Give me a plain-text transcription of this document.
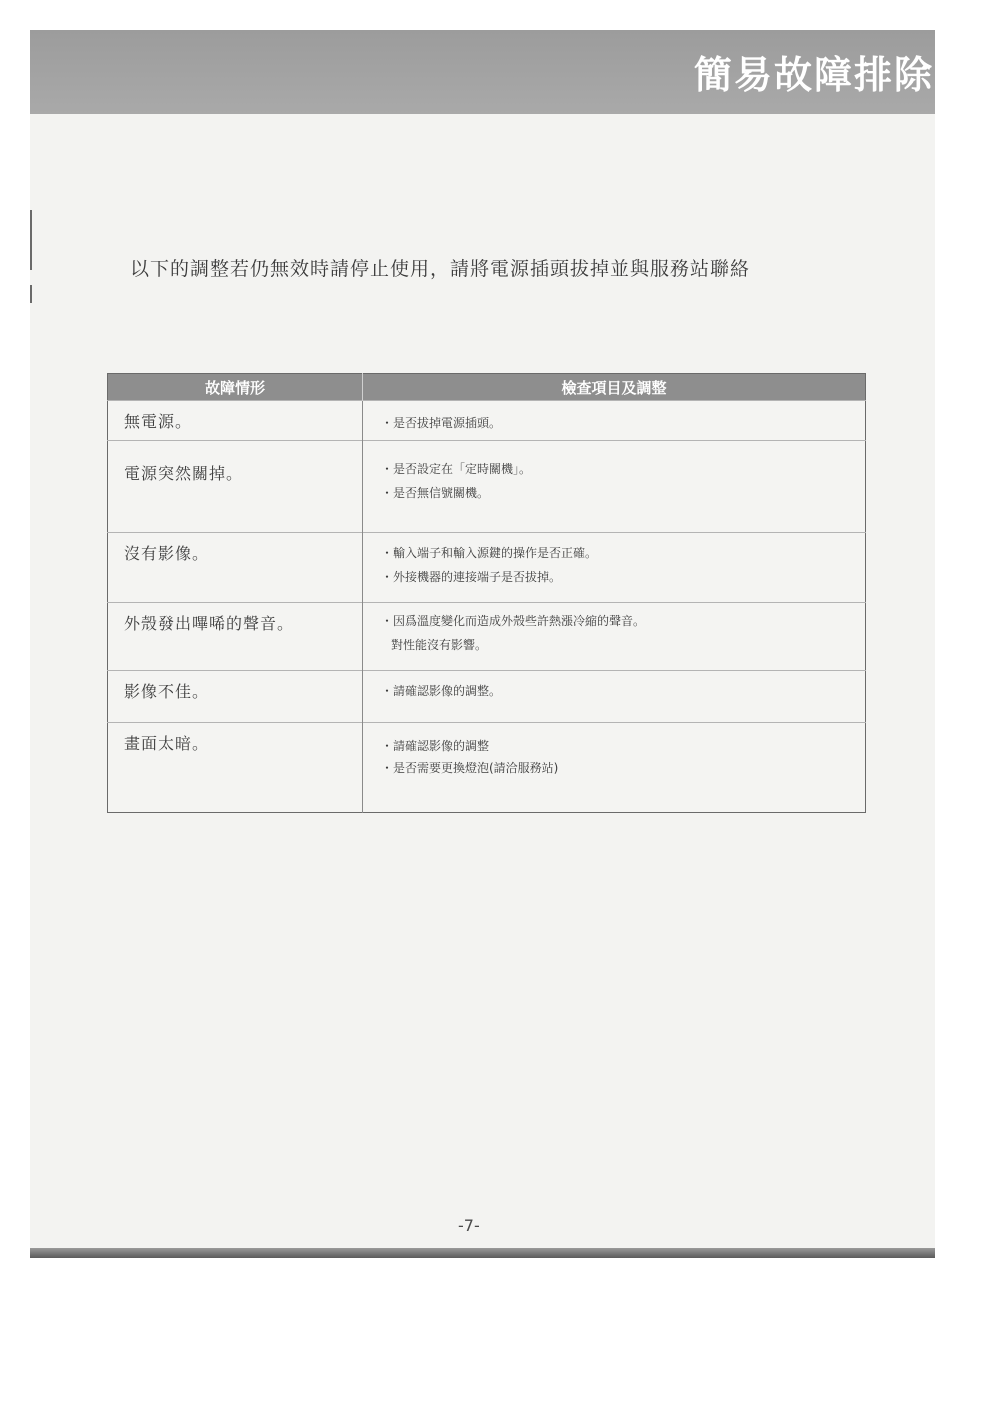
簡易故障排除
以下的調整若仍無效時請停止使用，請將電源插頭拔掉並與服務站聯絡
故障情形	檢查項目及調整
無電源。	・是否拔掉電源插頭。

電源突然關掉。	・是否設定在「定時關機」。
・是否無信號關機。

沒有影像。	・輸入端子和輸入源鍵的操作是否正確。
・外接機器的連接端子是否拔掉。

外殼發出嗶唏的聲音。	・因爲溫度變化而造成外殼些許熱漲冷縮的聲音。
對性能沒有影響。

影像不佳。	・請確認影像的調整。

畫面太暗。	・請確認影像的調整
・是否需要更換燈泡(請洽服務站)
-7-
